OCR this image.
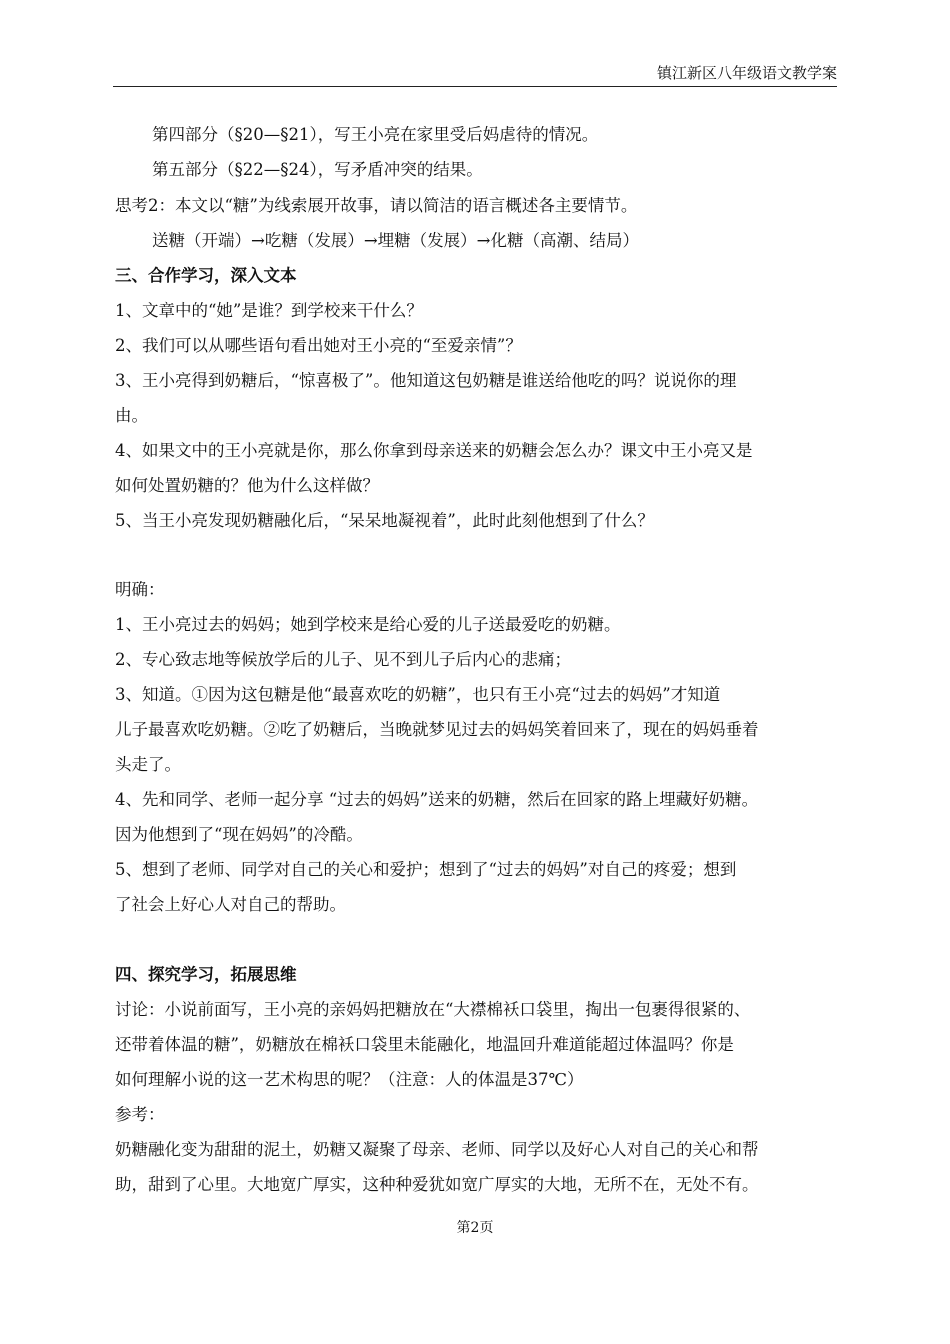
镇江新区八年级语文教学案
第四部分（§20—§21），写王小亮在家里受后妈虐待的情况。
第五部分（§22—§24），写矛盾冲突的结果。
思考2：本文以“糖”为线索展开故事，请以简洁的语言概述各主要情节。
送糖（开端）→吃糖（发展）→埋糖（发展）→化糖（高潮、结局）
三、合作学习，深入文本
1、文章中的“她”是谁？到学校来干什么？
2、我们可以从哪些语句看出她对王小亮的“至爱亲情”？
3、王小亮得到奶糖后，“惊喜极了”。他知道这包奶糖是谁送给他吃的吗？说说你的理
由。
4、如果文中的王小亮就是你，那么你拿到母亲送来的奶糖会怎么办？课文中王小亮又是
如何处置奶糖的？他为什么这样做？
5、当王小亮发现奶糖融化后，“呆呆地凝视着”，此时此刻他想到了什么？
明确：
1、王小亮过去的妈妈；她到学校来是给心爱的儿子送最爱吃的奶糖。
2、专心致志地等候放学后的儿子、见不到儿子后内心的悲痛；
3、知道。①因为这包糖是他“最喜欢吃的奶糖”，也只有王小亮“过去的妈妈”才知道
儿子最喜欢吃奶糖。②吃了奶糖后，当晚就梦见过去的妈妈笑着回来了，现在的妈妈垂着
头走了。
4、先和同学、老师一起分享 “过去的妈妈”送来的奶糖，然后在回家的路上埋藏好奶糖。
因为他想到了“现在妈妈”的冷酷。
5、想到了老师、同学对自己的关心和爱护；想到了“过去的妈妈”对自己的疼爱；想到
了社会上好心人对自己的帮助。
四、探究学习，拓展思维
讨论：小说前面写，王小亮的亲妈妈把糖放在“大襟棉袄口袋里，掏出一包裹得很紧的、
还带着体温的糖”，奶糖放在棉袄口袋里未能融化，地温回升难道能超过体温吗？你是
如何理解小说的这一艺术构思的呢？（注意：人的体温是37℃）
参考：
奶糖融化变为甜甜的泥土，奶糖又凝聚了母亲、老师、同学以及好心人对自己的关心和帮
助，甜到了心里。大地宽广厚实，这种种爱犹如宽广厚实的大地，无所不在，无处不有。
第2页
